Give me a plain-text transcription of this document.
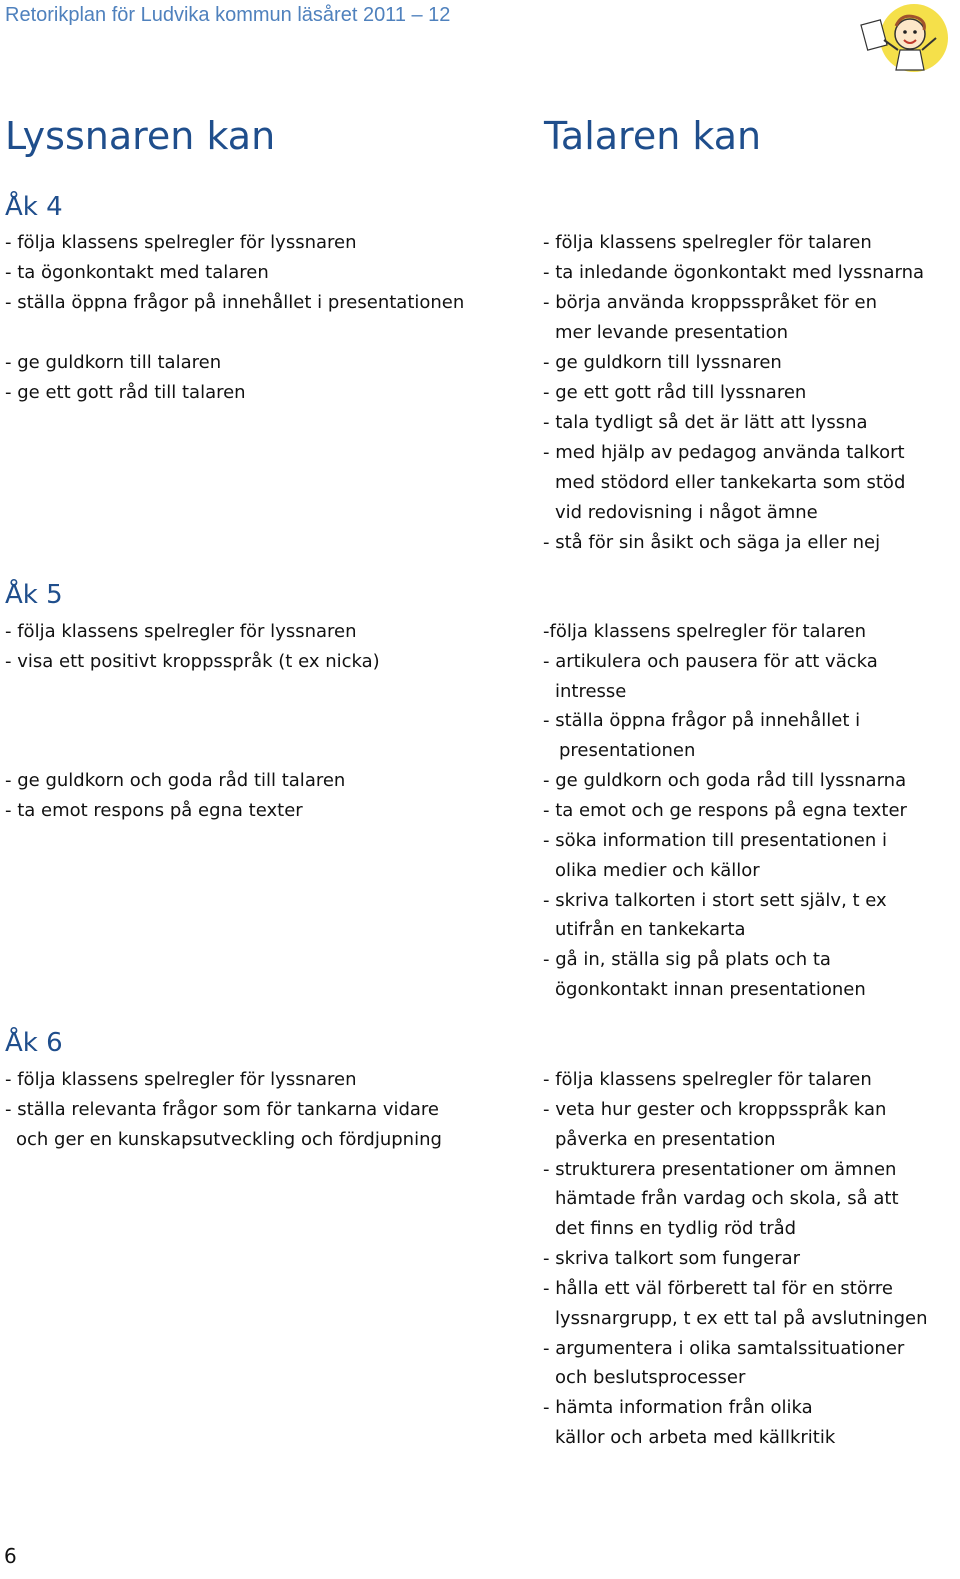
Retorikplan för Ludvika kommun läsåret 2011 – 12
Lyssnaren kan	Talaren kan
Åk 4
- följa klassens spelregler för lyssnaren
- ta ögonkontakt med talaren
- ställa öppna frågor på innehållet i presentationen
- ge guldkorn till talaren
- ge ett gott råd till talaren
- följa klassens spelregler för talaren
- ta inledande ögonkontakt med lyssnarna
- börja använda kroppsspråket för en
mer levande presentation
- ge guldkorn till lyssnaren
- ge ett gott råd till lyssnaren
- tala tydligt så det är lätt att lyssna
- med hjälp av pedagog använda talkort
med stödord eller tankekarta som stöd
vid redovisning i något ämne
- stå för sin åsikt och säga ja eller nej
Åk 5
- följa klassens spelregler för lyssnaren
- visa ett positivt kroppsspråk (t ex nicka)
- ge guldkorn och goda råd till talaren
- ta emot respons på egna texter
-följa klassens spelregler för talaren
- artikulera och pausera för att väcka
intresse
- ställa öppna frågor på innehållet i
presentationen
- ge guldkorn och goda råd till lyssnarna
- ta emot och ge respons på egna texter
- söka information till presentationen i
olika medier och källor
- skriva talkorten i stort sett själv, t ex
utifrån en tankekarta
- gå in, ställa sig på plats och ta
ögonkontakt innan presentationen
Åk 6
- följa klassens spelregler för lyssnaren
- ställa relevanta frågor som för tankarna vidare
och ger en kunskapsutveckling och fördjupning
- följa klassens spelregler för talaren
- veta hur gester och kroppsspråk kan
påverka en presentation
- strukturera presentationer om ämnen
hämtade från vardag och skola, så att
det finns en tydlig röd tråd
- skriva talkort som fungerar
- hålla ett väl förberett tal för en större
lyssnargrupp, t ex ett tal på avslutningen
- argumentera i olika samtalssituationer
och beslutsprocesser
- hämta information från olika
källor och arbeta med källkritik
6
